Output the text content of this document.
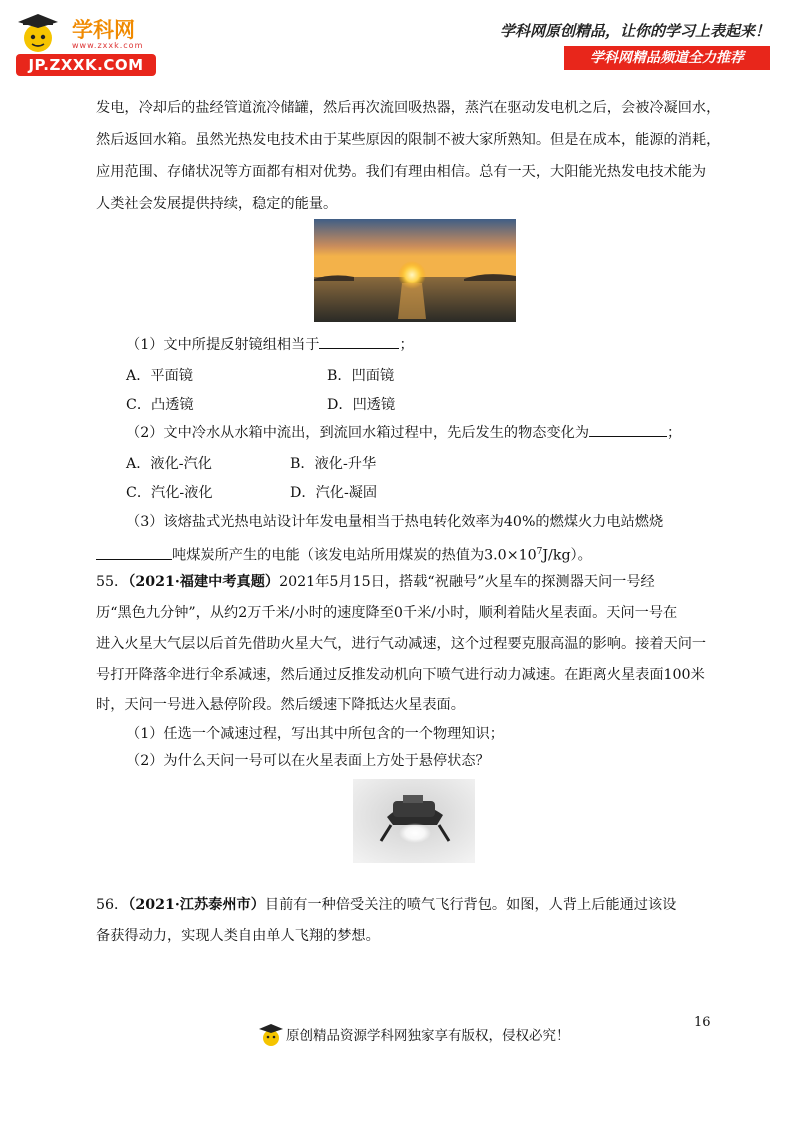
学科网
www.zxxk.com
JP.ZXXK.COM
学科网原创精品，让你的学习上表起来！
学科网精品频道全力推荐
发电，冷却后的盐经管道流冷储罐，然后再次流回吸热器，蒸汽在驱动发电机之后，会被冷凝回水，
然后返回水箱。虽然光热发电技术由于某些原因的限制不被大家所熟知。但是在成本，能源的消耗，
应用范围、存储状况等方面都有相对优势。我们有理由相信。总有一天，大阳能光热发电技术能为
人类社会发展提供持续，稳定的能量。
（1）文中所提反射镜组相当于	；
A．平面镜	B．凹面镜
C．凸透镜	D．凹透镜
（2）文中冷水从水箱中流出，到流回水箱过程中，先后发生的物态变化为	；
A．液化-汽化	B．液化-升华
C．汽化-液化	D．汽化-凝固
（3）该熔盐式光热电站设计年发电量相当于热电转化效率为40%的燃煤火力电站燃烧
吨煤炭所产生的电能（该发电站所用煤炭的热值为$3.0\times 10^7J/kg$）。
55．（2021·福建中考真题）2021年5月15日，搭载“祝融号”火星车的探测器天问一号经
历“黑色九分钟”，从约2万千米/小时的速度降至0千米/小时，顺利着陆火星表面。天问一号在
进入火星大气层以后首先借助火星大气，进行气动减速，这个过程要克服高温的影响。接着天问一
号打开降落伞进行伞系减速，然后通过反推发动机向下喷气进行动力减速。在距离火星表面100米
时，天问一号进入悬停阶段。然后缓速下降抵达火星表面。
（1）任选一个减速过程，写出其中所包含的一个物理知识；
（2）为什么天问一号可以在火星表面上方处于悬停状态？
56．（2021·江苏泰州市）目前有一种倍受关注的喷气飞行背包。如图，人背上后能通过该设
备获得动力，实现人类自由单人飞翔的梦想。
16
原创精品资源学科网独家享有版权，侵权必究！
